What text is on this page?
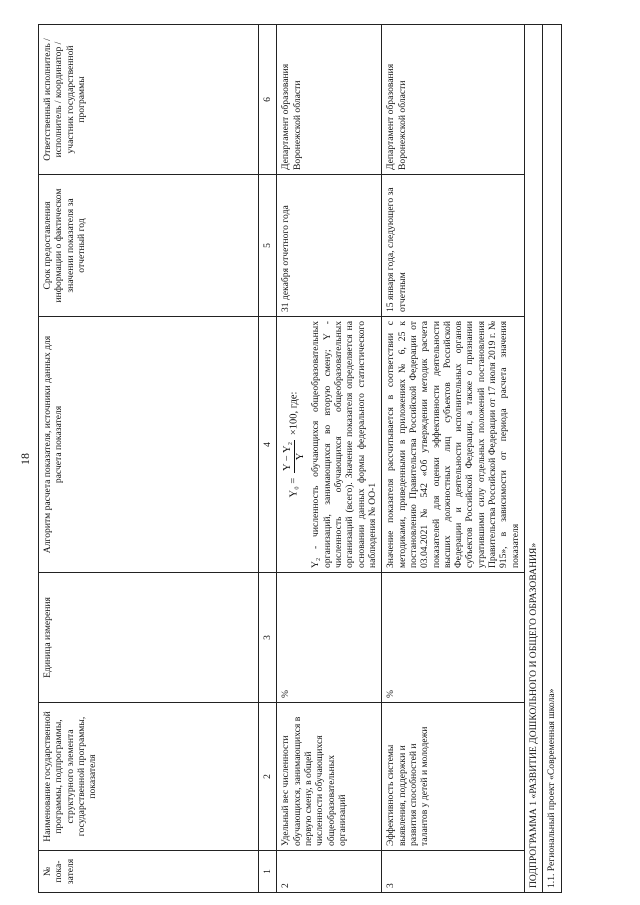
18
№ пока- зателя	Наименование государственной программы, подпрограммы, структурного элемента государственной программы, показателя	Единица измерения	Алгоритм расчета показателя, источники данных для расчета показателя	Срок предоставления информации о фактическом значении показателя за отчетный год	Ответственный исполнитель / исполнитель / координатор / участник государственной программы
1	2	3	4	5	6
2	Удельный вес численности обучающихся, занимающихся в первую смену, в общей численности обучающихся общеобразовательных организаций	%	Y₀ =
Y − Y₂ Y
×100, где: Y₂ - численность обучающихся общеобразовательных организаций, занимающихся во вторую смену; Y - численность обучающихся общеобразовательных организаций (всего). Значение показателя определяется на основании данных формы федерального статистического наблюдения № ОО-1	31 декабря отчетного года	Департамент образования Воронежской области
3	Эффективность системы выявления, поддержки и развития способностей и талантов у детей и молодежи	%	Значение показателя рассчитывается в соответствии с методиками, приведенными в приложениях № 6, 25 к постановлению Правительства Российской Федерации от 03.04.2021 № 542 «Об утверждении методик расчета показателей для оценки эффективности деятельности высших должностных лиц субъектов Российской Федерации и деятельности исполнительных органов субъектов Российской Федерации, а также о признании утратившими силу отдельных положений постановления Правительства Российской Федерации от 17 июля 2019 г. № 915», в зависимости от периода расчета значения показателя	15 января года, следующего за отчетным	Департамент образования Воронежской области
ПОДПРОГРАММА 1 «РАЗВИТИЕ ДОШКОЛЬНОГО И ОБЩЕГО ОБРАЗОВАНИЯ»					
1.1. Региональный проект «Современная школа»					
